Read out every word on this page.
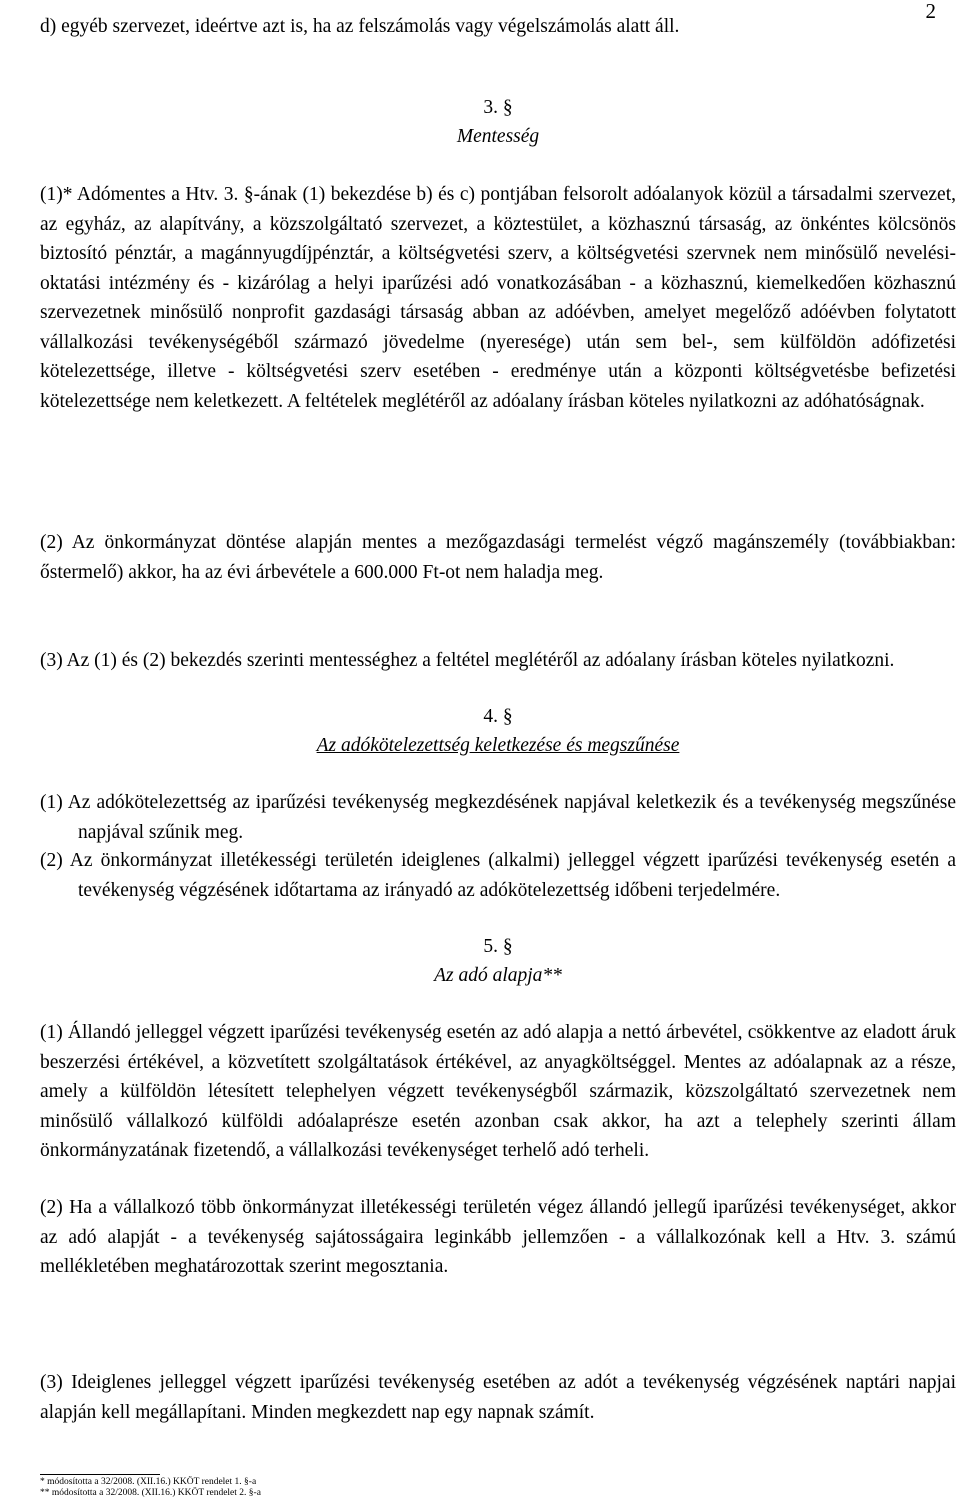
2

d) egyéb szervezet, ideértve azt is, ha az felszámolás vagy végelszámolás alatt áll.

3. §

Mentesség

(1)* Adómentes a Htv. 3. §-ának (1) bekezdése b) és c) pontjában felsorolt adóalanyok közül a társadalmi szervezet, az egyház, az alapítvány, a közszolgáltató szervezet, a köztestület, a közhasznú társaság, az önkéntes kölcsönös biztosító pénztár, a magánnyugdíjpénztár, a költségvetési szerv, a költségvetési szervnek nem minősülő nevelési-oktatási intézmény és - kizárólag a helyi iparűzési adó vonatkozásában - a közhasznú, kiemelkedően közhasznú szervezetnek minősülő nonprofit gazdasági társaság abban az adóévben, amelyet megelőző adóévben folytatott vállalkozási tevékenységéből származó jövedelme (nyeresége) után sem bel-, sem külföldön adófizetési kötelezettsége, illetve - költségvetési szerv esetében - eredménye után a központi költségvetésbe befizetési kötelezettsége nem keletkezett. A feltételek meglétéről az adóalany írásban köteles nyilatkozni az adóhatóságnak.

(2) Az önkormányzat döntése alapján mentes a mezőgazdasági termelést végző magánszemély (továbbiakban: őstermelő) akkor, ha az évi árbevétele a 600.000 Ft-ot nem haladja meg.

(3) Az (1) és (2) bekezdés szerinti mentességhez a feltétel meglétéről az adóalany írásban köteles nyilatkozni.

4. §

Az adókötelezettség keletkezése és megszűnése

(1) Az adókötelezettség az iparűzési tevékenység megkezdésének napjával keletkezik és a tevékenység megszűnése napjával szűnik meg.

(2) Az önkormányzat illetékességi területén ideiglenes (alkalmi) jelleggel végzett iparűzési tevékenység esetén a tevékenység végzésének időtartama az irányadó az adókötelezettség időbeni terjedelmére.

5. §

Az adó alapja**

(1) Állandó jelleggel végzett iparűzési tevékenység esetén az adó alapja a nettó árbevétel, csökkentve az eladott áruk beszerzési értékével, a közvetített szolgáltatások értékével, az anyagköltséggel. Mentes az adóalapnak az a része, amely a külföldön létesített telephelyen végzett tevékenységből származik, közszolgáltató szervezetnek nem minősülő vállalkozó külföldi adóalaprésze esetén azonban csak akkor, ha azt a telephely szerinti állam önkormányzatának fizetendő, a vállalkozási tevékenységet terhelő adó terheli.

(2) Ha a vállalkozó több önkormányzat illetékességi területén végez állandó jellegű iparűzési tevékenységet, akkor az adó alapját - a tevékenység sajátosságaira leginkább jellemzően - a vállalkozónak kell a Htv. 3. számú mellékletében meghatározottak szerint megosztania.

(3) Ideiglenes jelleggel végzett iparűzési tevékenység esetében az adót a tevékenység végzésének naptári napjai alapján kell megállapítani. Minden megkezdett nap egy napnak számít.

* módosította a 32/2008. (XII.16.) KKÖT rendelet 1. §-a
** módosította a 32/2008. (XII.16.) KKÖT rendelet 2. §-a
